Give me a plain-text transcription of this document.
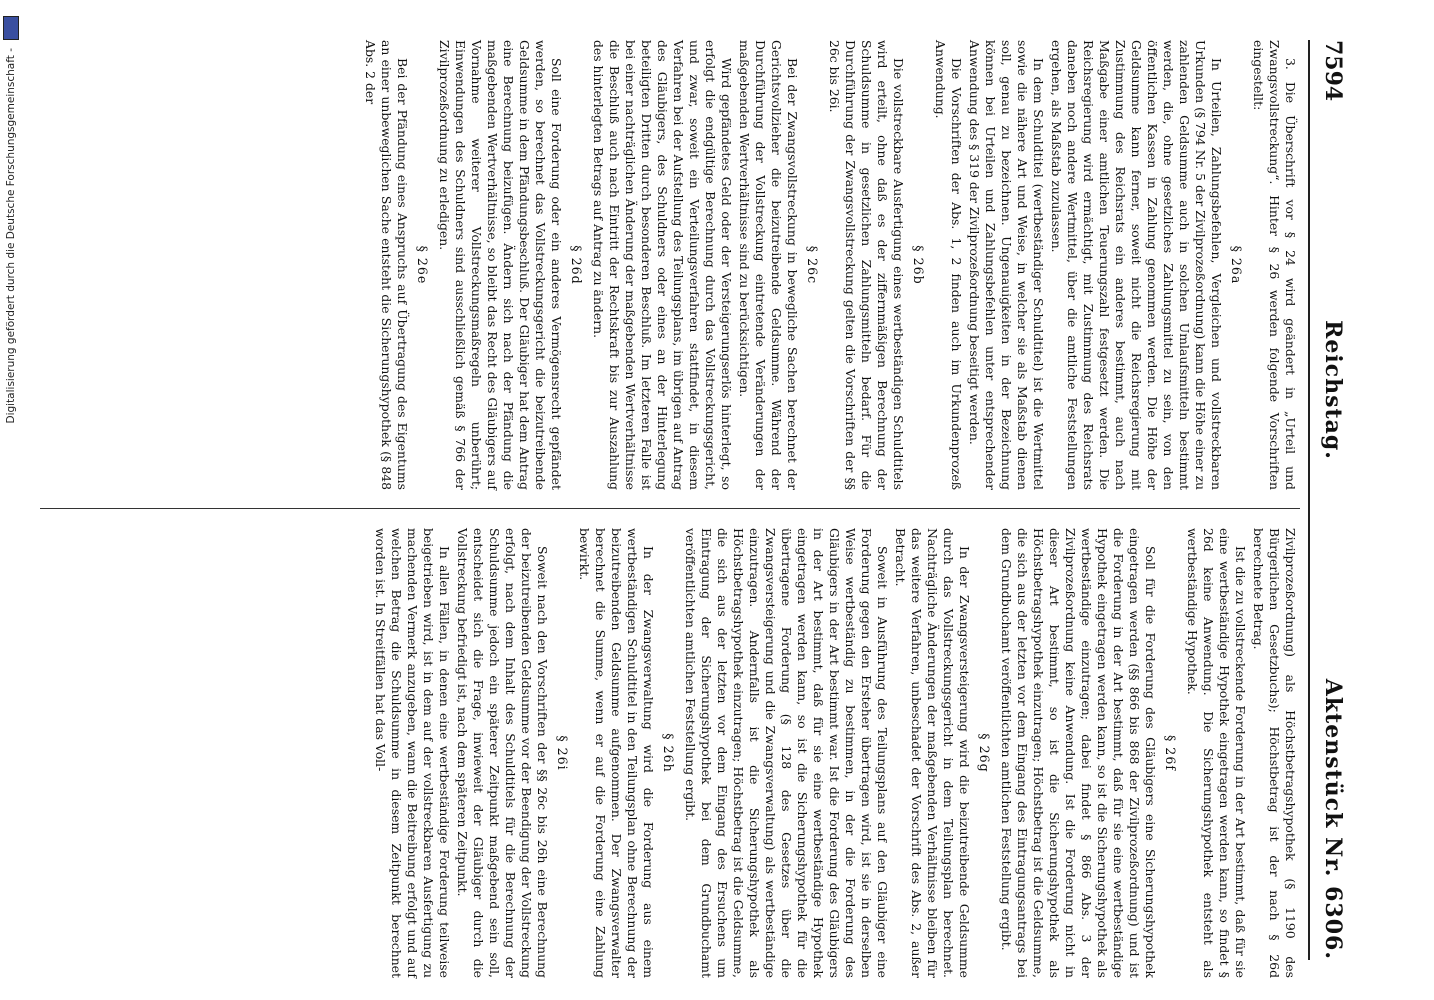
7594
Reichstag.
Aktenstück Nr. 6306.

3. Die Überschrift vor § 24 wird geändert in „Urteil und Zwangsvollstreckung“. Hinter § 26 werden folgende Vorschriften eingestellt:

§ 26a

In Urteilen, Zahlungsbefehlen, Vergleichen und vollstreckbaren Urkunden (§ 794 Nr. 5 der Zivilprozeßordnung) kann die Höhe einer zu zahlenden Geldsumme auch in solchen Umlaufsmitteln bestimmt werden, die, ohne gesetzliches Zahlungsmittel zu sein, von den öffentlichen Kassen in Zahlung genommen werden. Die Höhe der Geldsumme kann ferner, soweit nicht die Reichsregierung mit Zustimmung des Reichsrats ein anderes bestimmt, auch nach Maßgabe einer amtlichen Teuerungszahl festgesetzt werden. Die Reichsregierung wird ermächtigt, mit Zustimmung des Reichsrats daneben noch andere Wertmittel, über die amtliche Feststellungen ergehen, als Maßstab zuzulassen.

In dem Schuldtitel (wertbeständiger Schuldtitel) ist die Wertmittel sowie die nähere Art und Weise, in welcher sie als Maßstab dienen soll, genau zu bezeichnen. Ungenauigkeiten in der Bezeichnung können bei Urteilen und Zahlungsbefehlen unter entsprechender Anwendung des § 319 der Zivilprozeßordnung beseitigt werden.

Die Vorschriften der Abs. 1, 2 finden auch im Urkundenprozeß Anwendung.

§ 26b

Die vollstreckbare Ausfertigung eines wertbeständigen Schuldtitels wird erteilt, ohne daß es der ziffernmäßigen Berechnung der Schuldsumme in gesetzlichen Zahlungsmitteln bedarf. Für die Durchführung der Zwangsvollstreckung gelten die Vorschriften der §§ 26c bis 26i.

§ 26c

Bei der Zwangsvollstreckung in bewegliche Sachen berechnet der Gerichtsvollzieher die beizutreibende Geldsumme. Während der Durchführung der Vollstreckung eintretende Veränderungen der maßgebenden Wertverhältnisse sind zu berücksichtigen.

Wird gepfändetes Geld oder der Versteigerungserlös hinterlegt, so erfolgt die endgültige Berechnung durch das Vollstreckungsgericht, und zwar, soweit ein Verteilungsverfahren stattfindet, in diesem Verfahren bei der Aufstellung des Teilungsplans, im übrigen auf Antrag des Gläubigers, des Schuldners oder eines an der Hinterlegung beteiligten Dritten durch besonderen Beschluß. Im letzteren Falle ist bei einer nachträglichen Änderung der maßgebenden Wertverhältnisse die Beschluß auch nach Eintritt der Rechtskraft bis zur Auszahlung des hinterlegten Betrags auf Antrag zu ändern.

§ 26d

Soll eine Forderung oder ein anderes Vermögensrecht gepfändet werden, so berechnet das Vollstreckungsgericht die beizutreibende Geldsumme in dem Pfändungsbeschluß. Der Gläubiger hat dem Antrag eine Berechnung beizufügen. Ändern sich nach der Pfändung die maßgebenden Wertverhältnisse, so bleibt das Recht des Gläubigers auf Vornahme weiterer Vollstreckungsmaßregeln unberührt; Einwendungen des Schuldners sind ausschließlich gemäß § 766 der Zivilprozeßordnung zu erledigen.

§ 26e

Bei der Pfändung eines Anspruchs auf Übertragung des Eigentums an einer unbeweglichen Sache entsteht die Sicherungshypothek (§ 848 Abs. 2 der

Zivilprozeßordnung) als Höchstbetragshypothek (§ 1190 des Bürgerlichen Gesetzbuchs); Höchstbetrag ist der nach § 26d berechnete Betrag.

Ist die zu vollstreckende Forderung in der Art bestimmt, daß für sie eine wertbeständige Hypothek eingetragen werden kann, so findet § 26d keine Anwendung. Die Sicherungshypothek entsteht als wertbeständige Hypothek.

§ 26f

Soll für die Forderung des Gläubigers eine Sicherungshypothek eingetragen werden (§§ 866 bis 868 der Zivilprozeßordnung) und ist die Forderung in der Art bestimmt, daß für sie eine wertbeständige Hypothek eingetragen werden kann, so ist die Sicherungshypothek als wertbeständige einzutragen; dabei findet § 866 Abs. 3 der Zivilprozeßordnung keine Anwendung. Ist die Forderung nicht in dieser Art bestimmt, so ist die Sicherungshypothek als Höchstbetragshypothek einzutragen; Höchstbetrag ist die Geldsumme, die sich aus der letzten vor dem Eingang des Eintragungsantrags bei dem Grundbuchamt veröffentlichten amtlichen Feststellung ergibt.

§ 26g

In der Zwangsversteigerung wird die beizutreibende Geldsumme durch das Vollstreckungsgericht in dem Teilungsplan berechnet. Nachträgliche Änderungen der maßgebenden Verhältnisse bleiben für das weitere Verfahren, unbeschadet der Vorschrift des Abs. 2, außer Betracht.

Soweit in Ausführung des Teilungsplans auf den Gläubiger eine Forderung gegen den Ersteher übertragen wird, ist sie in derselben Weise wertbeständig zu bestimmen, in der die Forderung des Gläubigers in der Art bestimmt war. Ist die Forderung des Gläubigers in der Art bestimmt, daß für sie eine wertbeständige Hypothek eingetragen werden kann, so ist die Sicherungshypothek für die übertragene Forderung (§ 128 des Gesetzes über die Zwangsversteigerung und die Zwangsverwaltung) als wertbeständige einzutragen. Andernfalls ist die Sicherungshypothek als Höchstbetragshypothek einzutragen; Höchstbetrag ist die Geldsumme, die sich aus der letzten vor dem Eingang des Ersuchens um Eintragung der Sicherungshypothek bei dem Grundbuchamt veröffentlichten amtlichen Feststellung ergibt.

§ 26h

In der Zwangsverwaltung wird die Forderung aus einem wertbeständigen Schuldtitel in den Teilungsplan ohne Berechnung der beizutreibenden Geldsumme aufgenommen. Der Zwangsverwalter berechnet die Summe, wenn er auf die Forderung eine Zahlung bewirkt.

§ 26i

Soweit nach den Vorschriften der §§ 26c bis 26h eine Berechnung der beizutreibenden Geldsumme vor der Beendigung der Vollstreckung erfolgt, nach dem Inhalt des Schuldtitels für die Berechnung der Schuldsumme jedoch ein späterer Zeitpunkt maßgebend sein soll, entscheidet sich die Frage, inwieweit der Gläubiger durch die Vollstreckung befriedigt ist, nach dem späteren Zeitpunkt.

In allen Fällen, in denen eine wertbeständige Forderung teilweise beigetrieben wird, ist in dem auf der vollstreckbaren Ausfertigung zu machenden Vermerk anzugeben, wann die Beitreibung erfolgt und auf welchen Betrag die Schuldsumme in diesem Zeitpunkt berechnet worden ist. In Streitfällen hat das Voll-

Digitalisierung gefördert durch die Deutsche Forschungsgemeinschaft -
